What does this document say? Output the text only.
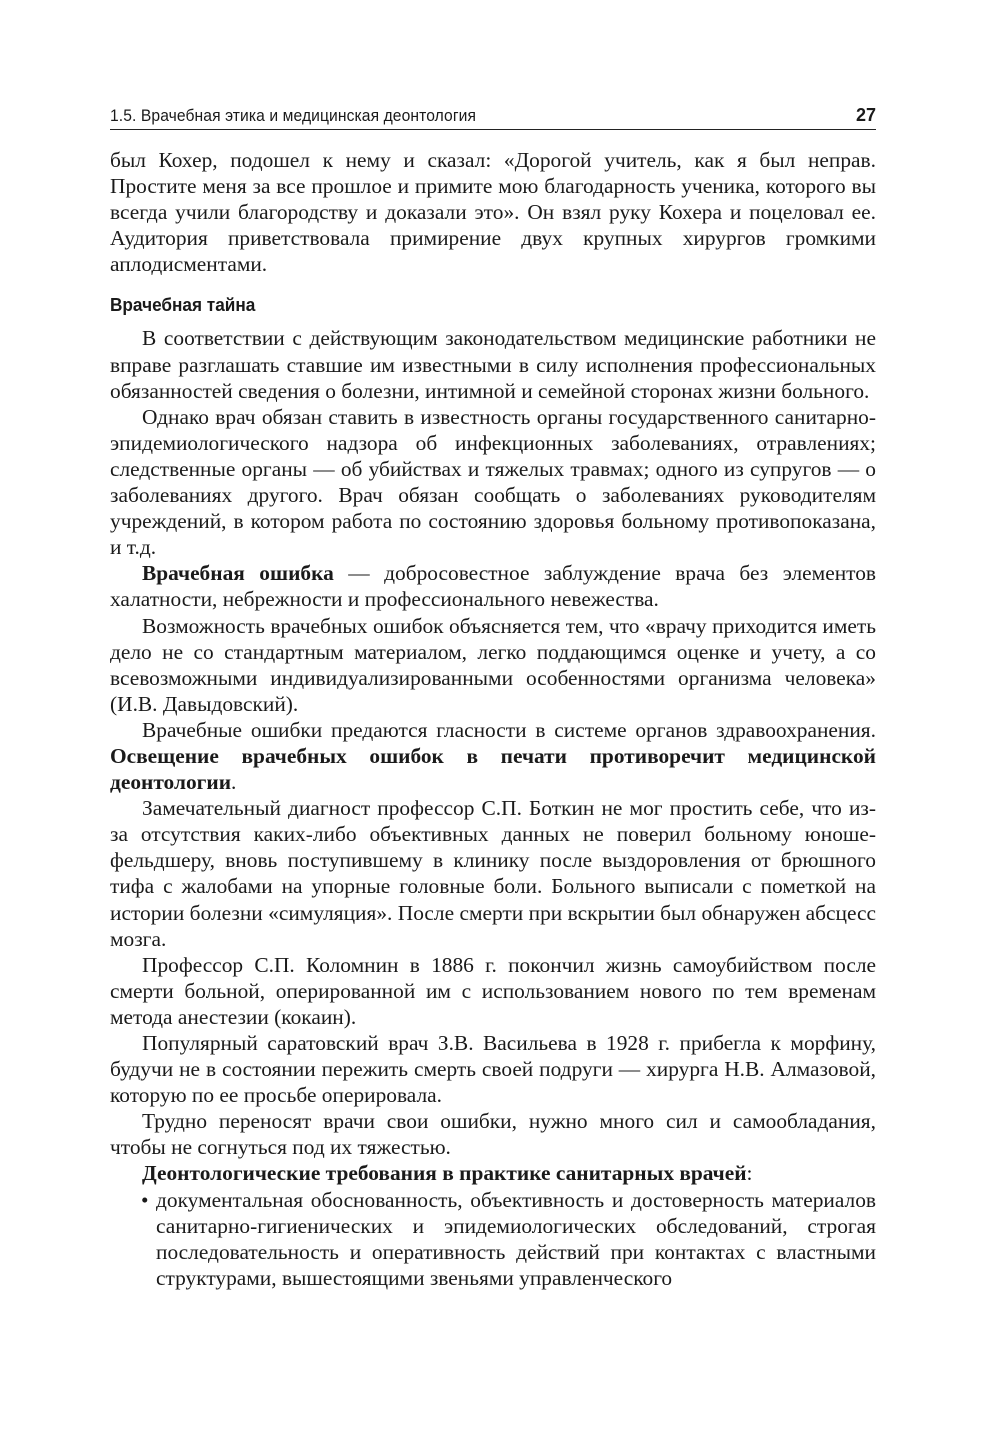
1.5. Врачебная этика и медицинская деонтология	27

был Кохер, подошел к нему и сказал: «Дорогой учитель, как я был неправ. Простите меня за все прошлое и примите мою благодарность ученика, которого вы всегда учили благородству и доказали это». Он взял руку Кохера и поцеловал ее. Аудитория приветствовала примирение двух крупных хирургов громкими аплодисментами.

Врачебная тайна

В соответствии с действующим законодательством медицинские работники не вправе разглашать ставшие им известными в силу исполнения профессиональных обязанностей сведения о болезни, интимной и семейной сторонах жизни больного.

Однако врач обязан ставить в известность органы государственного санитарно-эпидемиологического надзора об инфекционных заболеваниях, отравлениях; следственные органы — об убийствах и тяжелых травмах; одного из супругов — о заболеваниях другого. Врач обязан сообщать о заболеваниях руководителям учреждений, в котором работа по состоянию здоровья больному противопоказана, и т.д.

Врачебная ошибка — добросовестное заблуждение врача без элементов халатности, небрежности и профессионального невежества.

Возможность врачебных ошибок объясняется тем, что «врачу приходится иметь дело не со стандартным материалом, легко поддающимся оценке и учету, а со всевозможными индивидуализированными особенностями организма человека» (И.В. Давыдовский).

Врачебные ошибки предаются гласности в системе органов здравоохранения. Освещение врачебных ошибок в печати противоречит медицинской деонтологии.

Замечательный диагност профессор С.П. Боткин не мог простить себе, что из-за отсутствия каких-либо объективных данных не поверил больному юноше-фельдшеру, вновь поступившему в клинику после выздоровления от брюшного тифа с жалобами на упорные головные боли. Больного выписали с пометкой на истории болезни «симуляция». После смерти при вскрытии был обнаружен абсцесс мозга.

Профессор С.П. Коломнин в 1886 г. покончил жизнь самоубийством после смерти больной, оперированной им с использованием нового по тем временам метода анестезии (кокаин).

Популярный саратовский врач З.В. Васильева в 1928 г. прибегла к морфину, будучи не в состоянии пережить смерть своей подруги — хирурга Н.В. Алмазовой, которую по ее просьбе оперировала.

Трудно переносят врачи свои ошибки, нужно много сил и самообладания, чтобы не согнуться под их тяжестью.

Деонтологические требования в практике санитарных врачей:

• документальная обоснованность, объективность и достоверность материалов санитарно-гигиенических и эпидемиологических обследований, строгая последовательность и оперативность действий при контактах с властными структурами, вышестоящими звеньями управленческого
